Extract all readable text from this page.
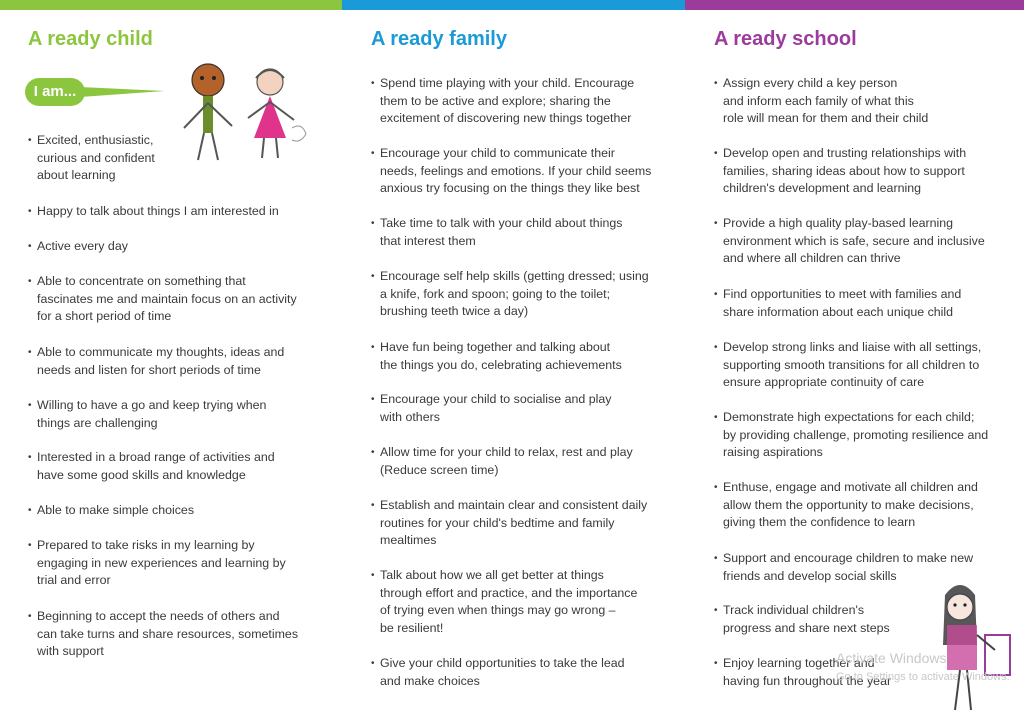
A ready child
I am...
• Excited, enthusiastic,
curious and confident
about learning
• Happy to talk about things I am interested in
• Active every day
• Able to concentrate on something that
fascinates me and maintain focus on an activity
for a short period of time
• Able to communicate my thoughts, ideas and
needs and listen for short periods of time
• Willing to have a go and keep trying when
things are challenging
• Interested in a broad range of activities and
have some good skills and knowledge
• Able to make simple choices
• Prepared to take risks in my learning by
engaging in new experiences and learning by
trial and error
• Beginning to accept the needs of others and
can take turns and share resources, sometimes
with support
A ready family
• Spend time playing with your child. Encourage
them to be active and explore; sharing the
excitement of discovering new things together
• Encourage your child to communicate their
needs, feelings and emotions. If your child seems
anxious try focusing on the things they like best
• Take time to talk with your child about things
that interest them
• Encourage self help skills (getting dressed; using
a knife, fork and spoon; going to the toilet;
brushing teeth twice a day)
• Have fun being together and talking about
the things you do, celebrating achievements
• Encourage your child to socialise and play
with others
• Allow time for your child to relax, rest and play
(Reduce screen time)
• Establish and maintain clear and consistent daily
routines for your child's bedtime and family
mealtimes
• Talk about how we all get better at things
through effort and practice, and the importance
of trying even when things may go wrong –
be resilient!
• Give your child opportunities to take the lead
and make choices
A ready school
• Assign every child a key person
and inform each family of what this
role will mean for them and their child
• Develop open and trusting relationships with
families, sharing ideas about how to support
children's development and learning
• Provide a high quality play-based learning
environment which is safe, secure and inclusive
and where all children can thrive
• Find opportunities to meet with families and
share information about each unique child
• Develop strong links and liaise with all settings,
supporting smooth transitions for all children to
ensure appropriate continuity of care
• Demonstrate high expectations for each child;
by providing challenge, promoting resilience and
raising aspirations
• Enthuse, engage and motivate all children and
allow them the opportunity to make decisions,
giving them the confidence to learn
• Support and encourage children to make new
friends and develop social skills
• Track individual children's
progress and share next steps
• Enjoy learning together and
having fun throughout the year
Activate Windows
Go to Settings to activate Windows.
